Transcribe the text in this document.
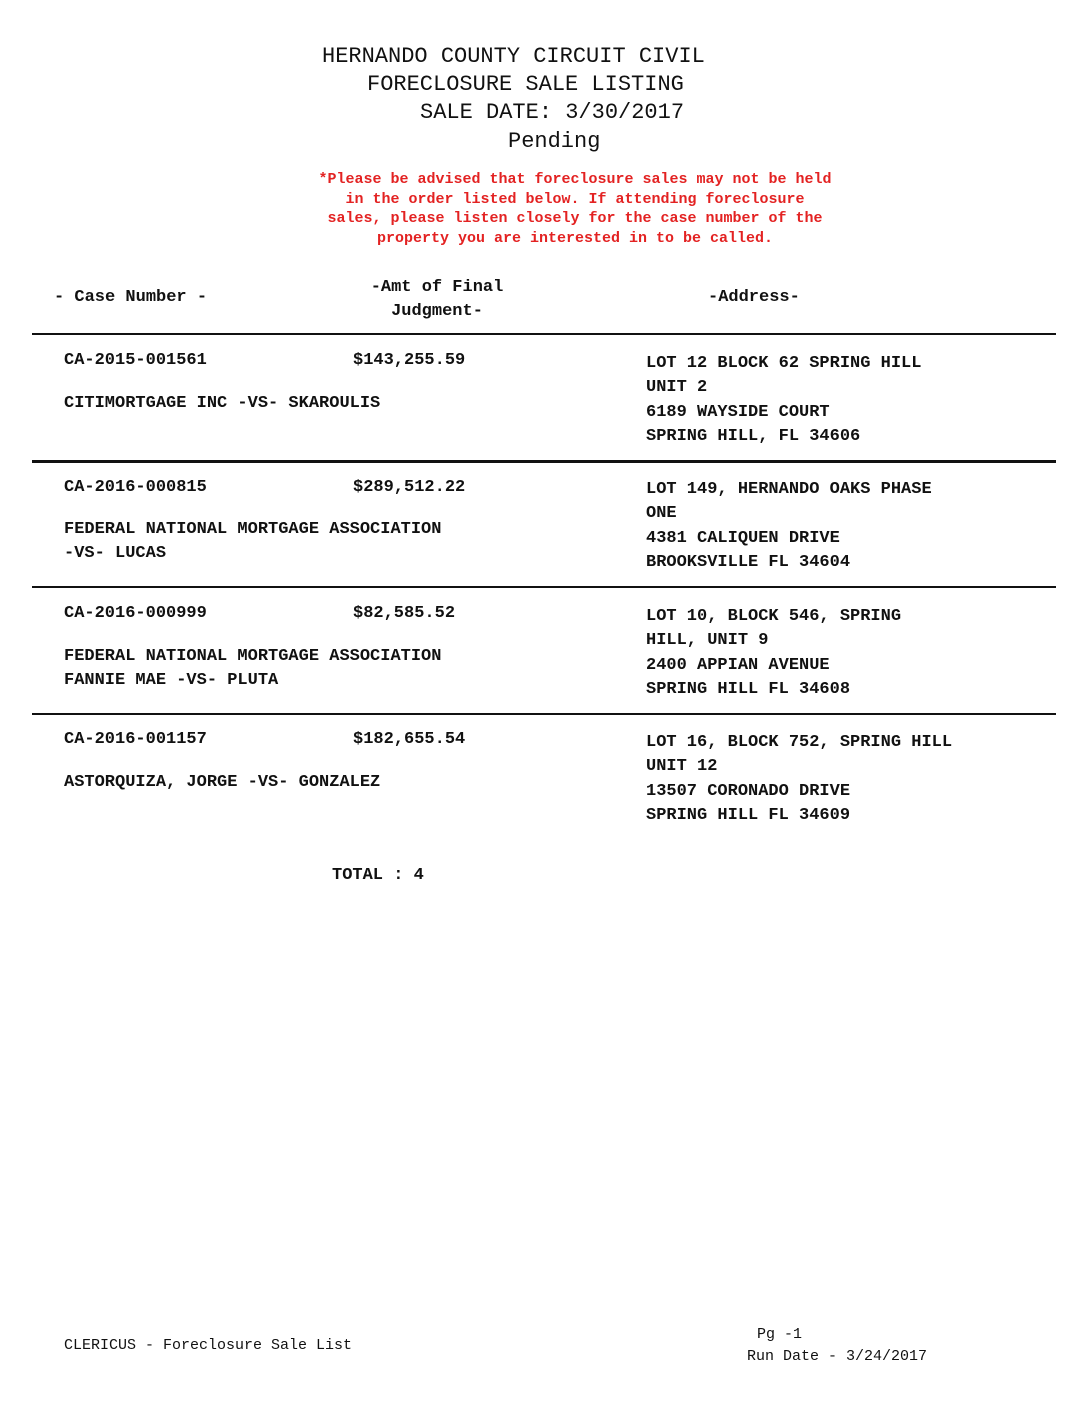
HERNANDO COUNTY CIRCUIT CIVIL
FORECLOSURE SALE LISTING
SALE DATE: 3/30/2017
Pending
*Please be advised that foreclosure sales may not be held
in the order listed below. If attending foreclosure
sales, please listen closely for the case number of the
property you are interested in to be called.
- Case Number -
-Amt of Final
Judgment-
-Address-
CA-2015-001561	$143,255.59
CITIMORTGAGE INC -VS- SKAROULIS
LOT 12 BLOCK 62 SPRING HILL
UNIT 2
6189 WAYSIDE COURT
SPRING HILL, FL 34606
CA-2016-000815	$289,512.22
FEDERAL NATIONAL MORTGAGE ASSOCIATION
-VS- LUCAS
LOT 149, HERNANDO OAKS PHASE
ONE
4381 CALIQUEN DRIVE
BROOKSVILLE FL 34604
CA-2016-000999	$82,585.52
FEDERAL NATIONAL MORTGAGE ASSOCIATION
FANNIE MAE -VS- PLUTA
LOT 10, BLOCK 546, SPRING
HILL, UNIT 9
2400 APPIAN AVENUE
SPRING HILL FL 34608
CA-2016-001157	$182,655.54
ASTORQUIZA, JORGE -VS- GONZALEZ
LOT 16, BLOCK 752, SPRING HILL
UNIT 12
13507 CORONADO DRIVE
SPRING HILL FL 34609
TOTAL : 4
CLERICUS - Foreclosure Sale List
Pg -1
Run Date - 3/24/2017
